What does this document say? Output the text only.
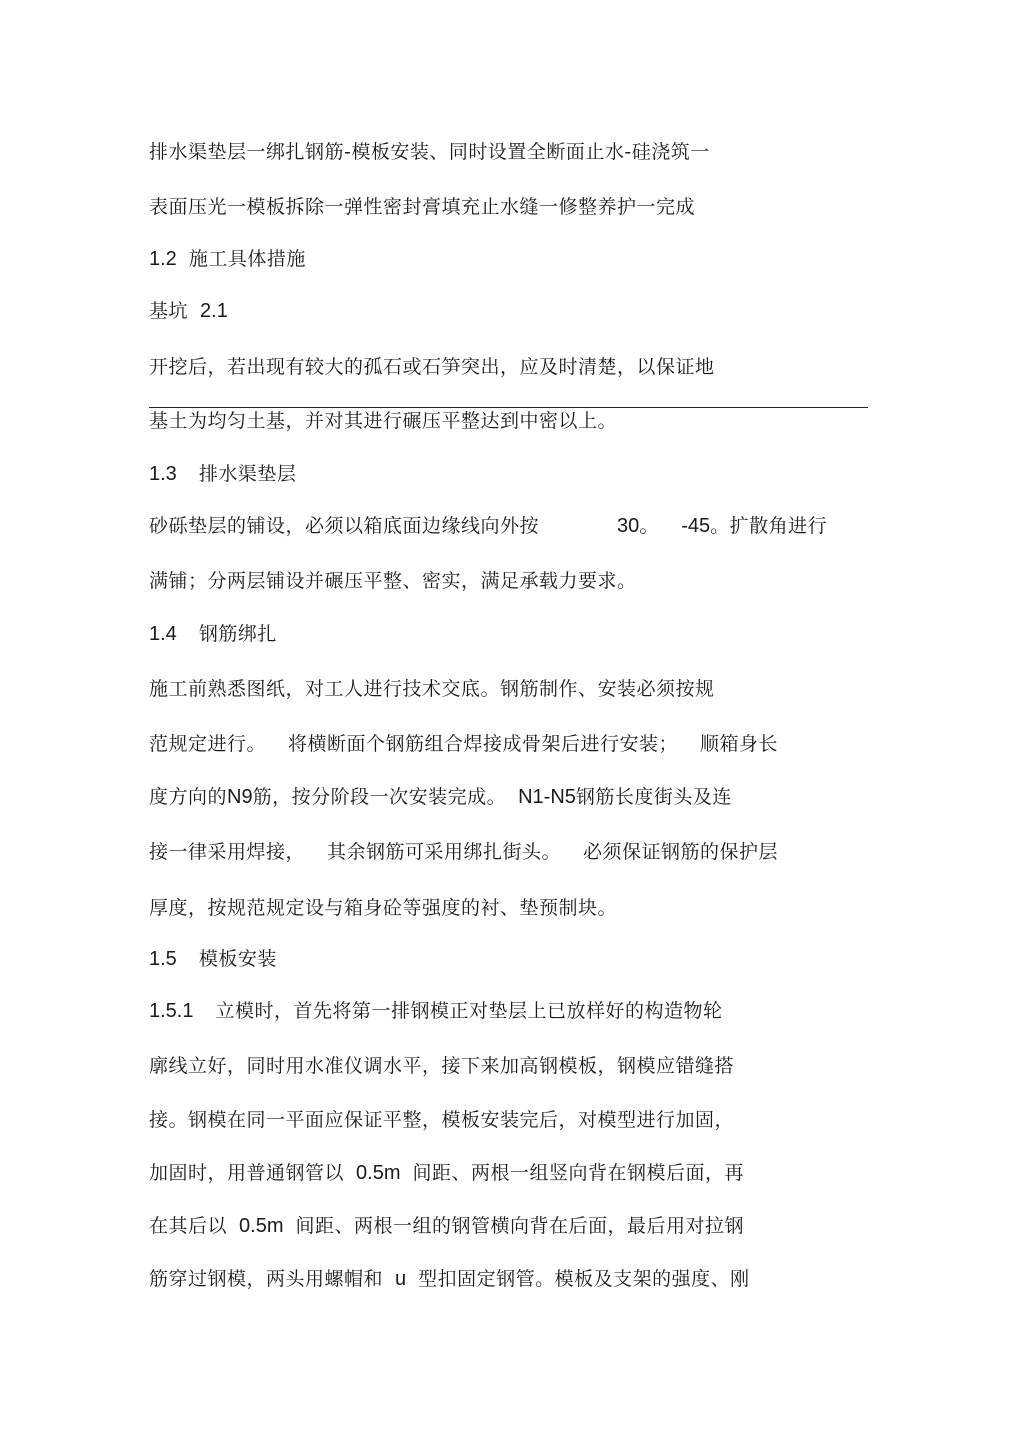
排水渠垫层一绑扎钢筋-模板安装、同时设置全断面止水-硅浇筑一
表面压光一模板拆除一弹性密封膏填充止水缝一修整养护一完成
1.2 施工具体措施
基坑 2.1
开挖后，若出现有较大的孤石或石笋突出，应及时清楚，以保证地
基土为均匀土基，并对其进行碾压平整达到中密以上。
1.3 排水渠垫层
砂砾垫层的铺设，必须以箱底面边缘线向外按	30。 -45。扩散角进行
满铺；分两层铺设并碾压平整、密实，满足承载力要求。
1.4 钢筋绑扎
施工前熟悉图纸，对工人进行技术交底。钢筋制作、安装必须按规
范规定进行。 将横断面个钢筋组合焊接成骨架后进行安装； 顺箱身长
度方向的N9筋，按分阶段一次安装完成。 N1-N5钢筋长度街头及连
接一律采用焊接， 其余钢筋可采用绑扎街头。 必须保证钢筋的保护层
厚度，按规范规定设与箱身砼等强度的衬、垫预制块。
1.5 模板安装
1.5.1 立模时，首先将第一排钢模正对垫层上已放样好的构造物轮
廓线立好，同时用水准仪调水平，接下来加高钢模板，钢模应错缝搭
接。钢模在同一平面应保证平整，模板安装完后，对模型进行加固，
加固时，用普通钢管以 0.5m 间距、两根一组竖向背在钢模后面，再
在其后以 0.5m 间距、两根一组的钢管横向背在后面，最后用对拉钢
筋穿过钢模，两头用螺帽和 u 型扣固定钢管。模板及支架的强度、刚
